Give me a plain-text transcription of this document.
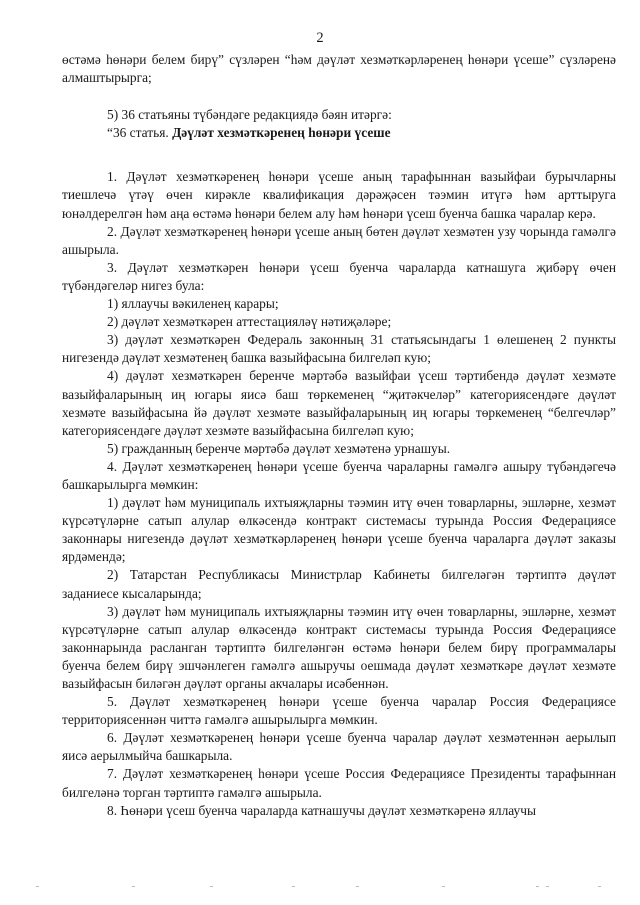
2

өстәмә һөнәри белем бирү” сүзләрен “һәм дәүләт хезмәткәрләренең һөнәри үсеше” сүзләренә алмаштырырга;

5) 36 статьяны түбәндәге редакциядә бәян итәргә:

“36 статья. Дәүләт хезмәткәренең һөнәри үсеше

1. Дәүләт хезмәткәренең һөнәри үсеше аның тарафыннан вазыйфаи бурычларны тиешлечә үтәү өчен кирәкле квалификация дәрәҗәсен тәэмин итүгә һәм арттыруга юнәлдерелгән һәм аңа өстәмә һөнәри белем алу һәм һөнәри үсеш буенча башка чаралар керә.

2. Дәүләт хезмәткәренең һөнәри үсеше аның бөтен дәүләт хезмәтен узу чорында гамәлгә ашырыла.

3. Дәүләт хезмәткәрен һөнәри үсеш буенча чараларда катнашуга җибәрү өчен түбәндәгеләр нигез була:

1) яллаучы вәкиленең карары;

2) дәүләт хезмәткәрен аттестацияләү нәтиҗәләре;

3) дәүләт хезмәткәрен Федераль законның 31 статьясындагы 1 өлешенең 2 пункты нигезендә дәүләт хезмәтенең башка вазыйфасына билгеләп кую;

4) дәүләт хезмәткәрен беренче мәртәбә вазыйфаи үсеш тәртибендә дәүләт хезмәте вазыйфаларының иң югары яисә баш төркеменең “җитәкчеләр” категориясендәге дәүләт хезмәте вазыйфасына йә дәүләт хезмәте вазыйфаларының иң югары төркеменең “белгечләр” категориясендәге дәүләт хезмәте вазыйфасына билгеләп кую;

5) гражданның беренче мәртәбә дәүләт хезмәтенә урнашуы.

4. Дәүләт хезмәткәренең һөнәри үсеше буенча чараларны гамәлгә ашыру түбәндәгечә башкарылырга мөмкин:

1) дәүләт һәм муниципаль ихтыяҗларны тәэмин итү өчен товарларны, эшләрне, хезмәт күрсәтүләрне сатып алулар өлкәсендә контракт системасы турында Россия Федерациясе законнары нигезендә дәүләт хезмәткәрләренең һөнәри үсеше буенча чараларга дәүләт заказы ярдәмендә;

2) Татарстан Республикасы Министрлар Кабинеты билгеләгән тәртиптә дәүләт заданиесе кысаларында;

3) дәүләт һәм муниципаль ихтыяҗларны тәэмин итү өчен товарларны, эшләрне, хезмәт күрсәтүләрне сатып алулар өлкәсендә контракт системасы турында Россия Федерациясе законнарында расланган тәртиптә билгеләнгән өстәмә һөнәри белем бирү программалары буенча белем бирү эшчәнлеген гамәлгә ашыручы оешмада дәүләт хезмәткәре дәүләт хезмәте вазыйфасын биләгән дәүләт органы акчалары исәбеннән.

5. Дәүләт хезмәткәренең һөнәри үсеше буенча чаралар Россия Федерациясе территориясеннән читтә гамәлгә ашырылырга мөмкин.

6. Дәүләт хезмәткәренең һөнәри үсеше буенча чаралар дәүләт хезмәтеннән аерылып яисә аерылмыйча башкарыла.

7. Дәүләт хезмәткәренең һөнәри үсеше Россия Федерациясе Президенты тарафыннан билгеләнә торган тәртиптә гамәлгә ашырыла.

8. Һөнәри үсеш буенча чараларда катнашучы дәүләт хезмәткәренә яллаучы
